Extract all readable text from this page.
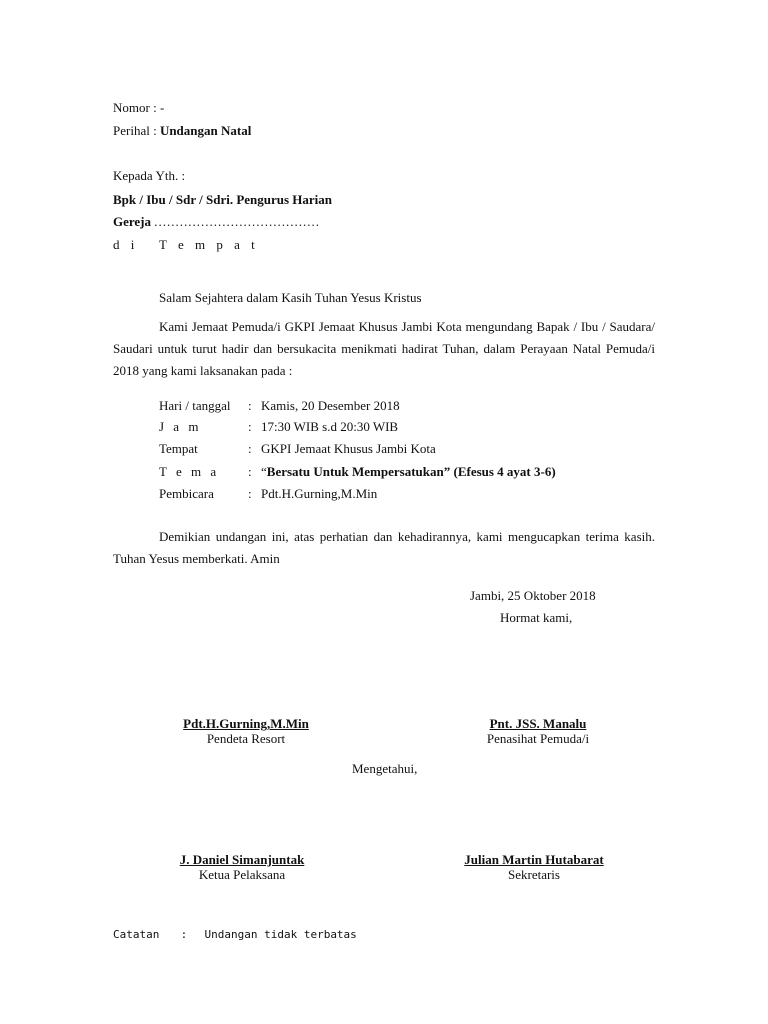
Nomor : -
Perihal : Undangan Natal
Kepada Yth. :
Bpk / Ibu / Sdr / Sdri. Pengurus Harian
Gereja .......................................
d i T e m p a t
Salam Sejahtera dalam Kasih Tuhan Yesus Kristus
Kami Jemaat Pemuda/i GKPI Jemaat Khusus Jambi Kota mengundang Bapak / Ibu / Saudara/ Saudari untuk turut hadir dan bersukacita menikmati hadirat Tuhan, dalam Perayaan Natal Pemuda/i 2018 yang kami laksanakan pada :
Hari / tanggal : Kamis, 20 Desember 2018
J a m	: 17:30 WIB s.d 20:30 WIB
Tempat	: GKPI Jemaat Khusus Jambi Kota
T e m a : “Bersatu Untuk Mempersatukan” (Efesus 4 ayat 3-6)
Pembicara	: Pdt.H.Gurning,M.Min
Demikian undangan ini, atas perhatian dan kehadirannya, kami mengucapkan terima kasih. Tuhan Yesus memberkati. Amin
Jambi, 25 Oktober 2018
Hormat kami,
Pdt.H.Gurning,M.Min
Pendeta Resort
Pnt. JSS. Manalu
Penasihat Pemuda/i
Mengetahui,
J. Daniel Simanjuntak
Ketua Pelaksana
Julian Martin Hutabarat
Sekretaris
Catatan : Undangan tidak terbatas
